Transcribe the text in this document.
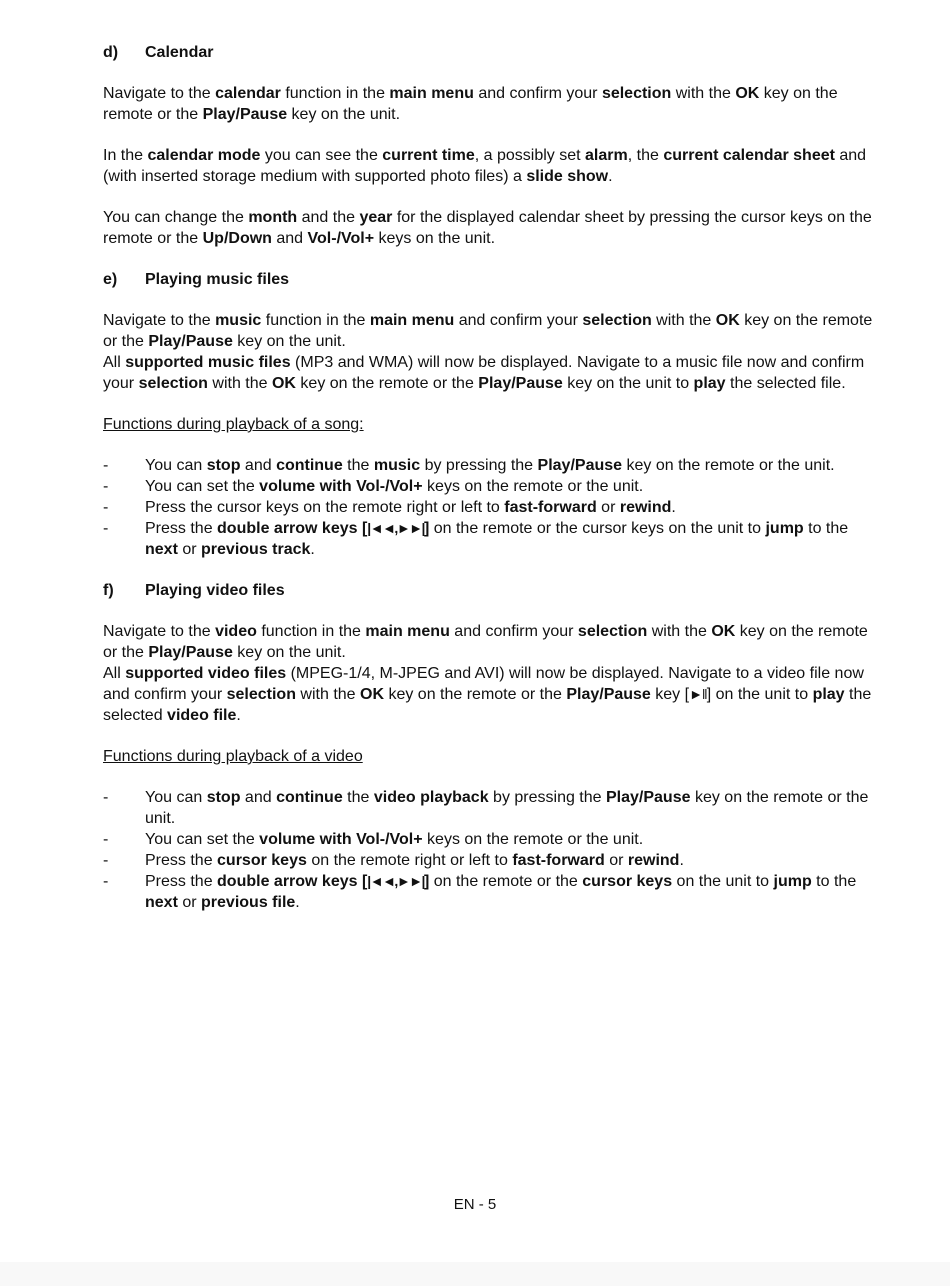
d)	Calendar

Navigate to the calendar function in the main menu and confirm your selection with the OK key on the remote or the Play/Pause key on the unit.

In the calendar mode you can see the current time, a possibly set alarm, the current calendar sheet and (with inserted storage medium with supported photo files) a slide show.

You can change the month and the year for the displayed calendar sheet by pressing the cursor keys on the remote or the Up/Down and Vol-/Vol+ keys on the unit.

e)	Playing music files

Navigate to the music function in the main menu and confirm your selection with the OK key on the remote or the Play/Pause key on the unit.
All supported music files (MP3 and WMA) will now be displayed. Navigate to a music file now and confirm your selection with the OK key on the remote or the Play/Pause key on the unit to play the selected file.

Functions during playback of a song:

- You can stop and continue the music by pressing the Play/Pause key on the remote or the unit.
- You can set the volume with Vol-/Vol+ keys on the remote or the unit.
- Press the cursor keys on the remote right or left to fast-forward or rewind.
- Press the double arrow keys [|◄◄,►►|] on the remote or the cursor keys on the unit to jump to the next or previous track.
f)	Playing video files

Navigate to the video function in the main menu and confirm your selection with the OK key on the remote or the Play/Pause key on the unit.
All supported video files (MPEG-1/4, M-JPEG and AVI) will now be displayed. Navigate to a video file now and confirm your selection with the OK key on the remote or the Play/Pause key [►‖] on the unit to play the selected video file.

Functions during playback of a video

- You can stop and continue the video playback by pressing the Play/Pause key on the remote or the unit.
- You can set the volume with Vol-/Vol+ keys on the remote or the unit.
- Press the cursor keys on the remote right or left to fast-forward or rewind.
- Press the double arrow keys [|◄◄,►►|] on the remote or the cursor keys on the unit to jump to the next or previous file.
EN - 5
